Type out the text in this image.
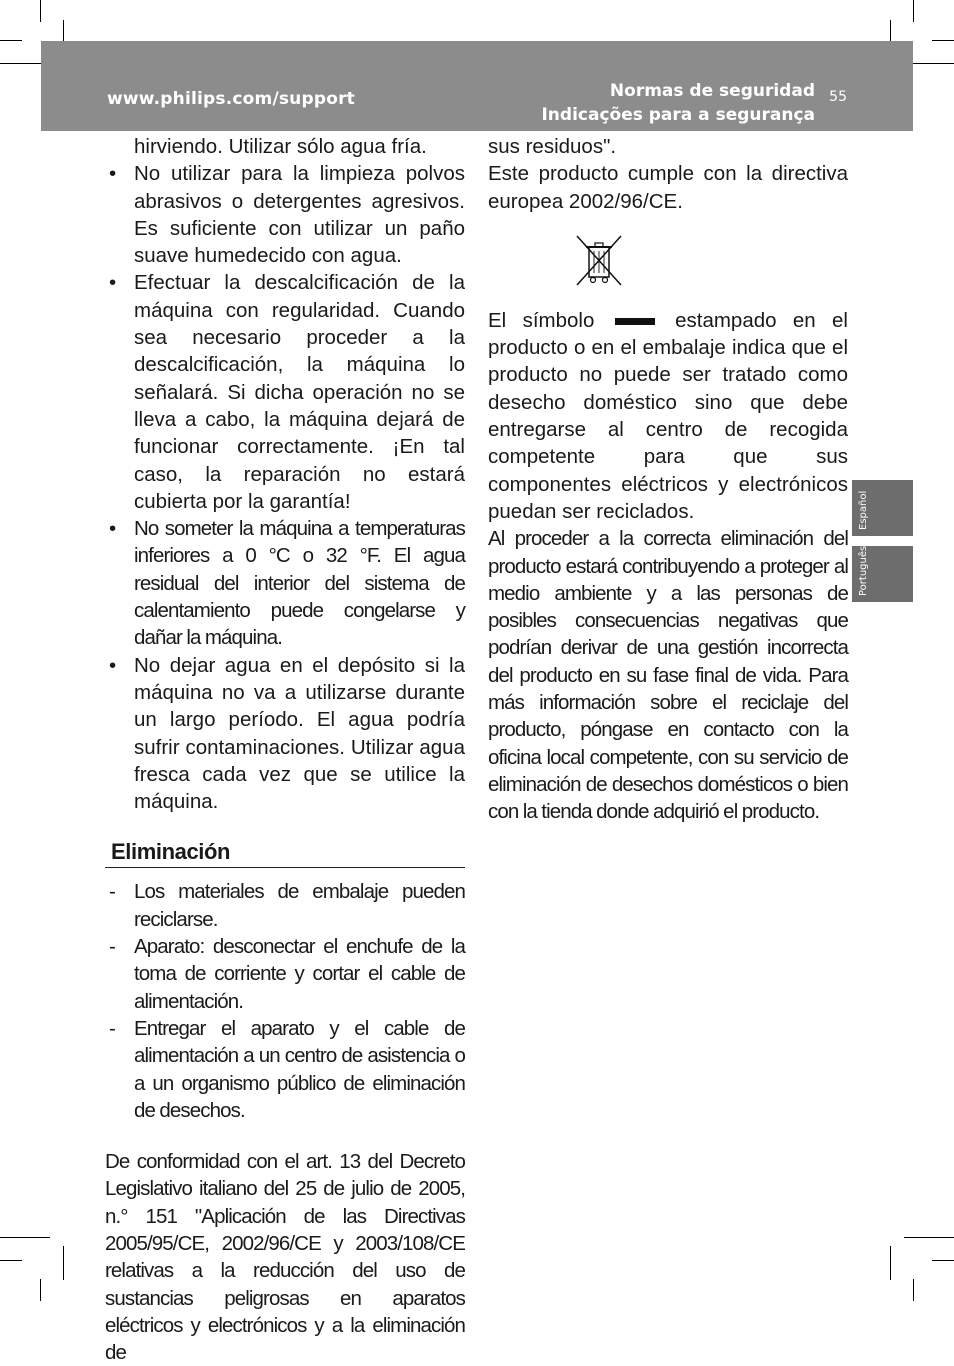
www.philips.com/support	Normas de seguridad
Indicações para a segurança
55

hirviendo. Utilizar sólo agua fría.

• No utilizar para la limpieza polvos abrasivos o detergentes agresivos. Es suficiente con utilizar un paño suave humedecido con agua.
• Efectuar la descalcificación de la máquina con regularidad. Cuando sea necesario proceder a la descalcificación, la máquina lo señalará. Si dicha operación no se lleva a cabo, la máquina dejará de funcionar correctamente. ¡En tal caso, la reparación no estará cubierta por la garantía!
• No someter la máquina a temperaturas inferiores a 0 °C o 32 °F. El agua residual del interior del sistema de calentamiento puede congelarse y dañar la máquina.
• No dejar agua en el depósito si la máquina no va a utilizarse durante un largo período. El agua podría sufrir contaminaciones. Utilizar agua fresca cada vez que se utilice la máquina.
Eliminación
- Los materiales de embalaje pueden reciclarse.
- Aparato: desconectar el enchufe de la toma de corriente y cortar el cable de alimentación.
- Entregar el aparato y el cable de alimentación a un centro de asistencia o a un organismo público de eliminación de desechos.

De conformidad con el art. 13 del Decreto Legislativo italiano del 25 de julio de 2005, n.° 151 "Aplicación de las Directivas 2005/95/CE, 2002/96/CE y 2003/108/CE relativas a la reducción del uso de sustancias peligrosas en aparatos eléctricos y electrónicos y a la eliminación de

sus residuos".

Este producto cumple con la directiva europea 2002/96/CE.

El símbolo	estampado en el producto o en el embalaje indica que el producto no puede ser tratado como desecho doméstico sino que debe entregarse al centro de recogida competente para que sus componentes eléctricos y electrónicos puedan ser reciclados.

Al proceder a la correcta eliminación del producto estará contribuyendo a proteger al medio ambiente y a las personas de posibles consecuencias negativas que podrían derivar de una gestión incorrecta del producto en su fase final de vida. Para más información sobre el reciclaje del producto, póngase en contacto con la oficina local competente, con su servicio de eliminación de desechos domésticos o bien con la tienda donde adquirió el producto.

Español
Português
